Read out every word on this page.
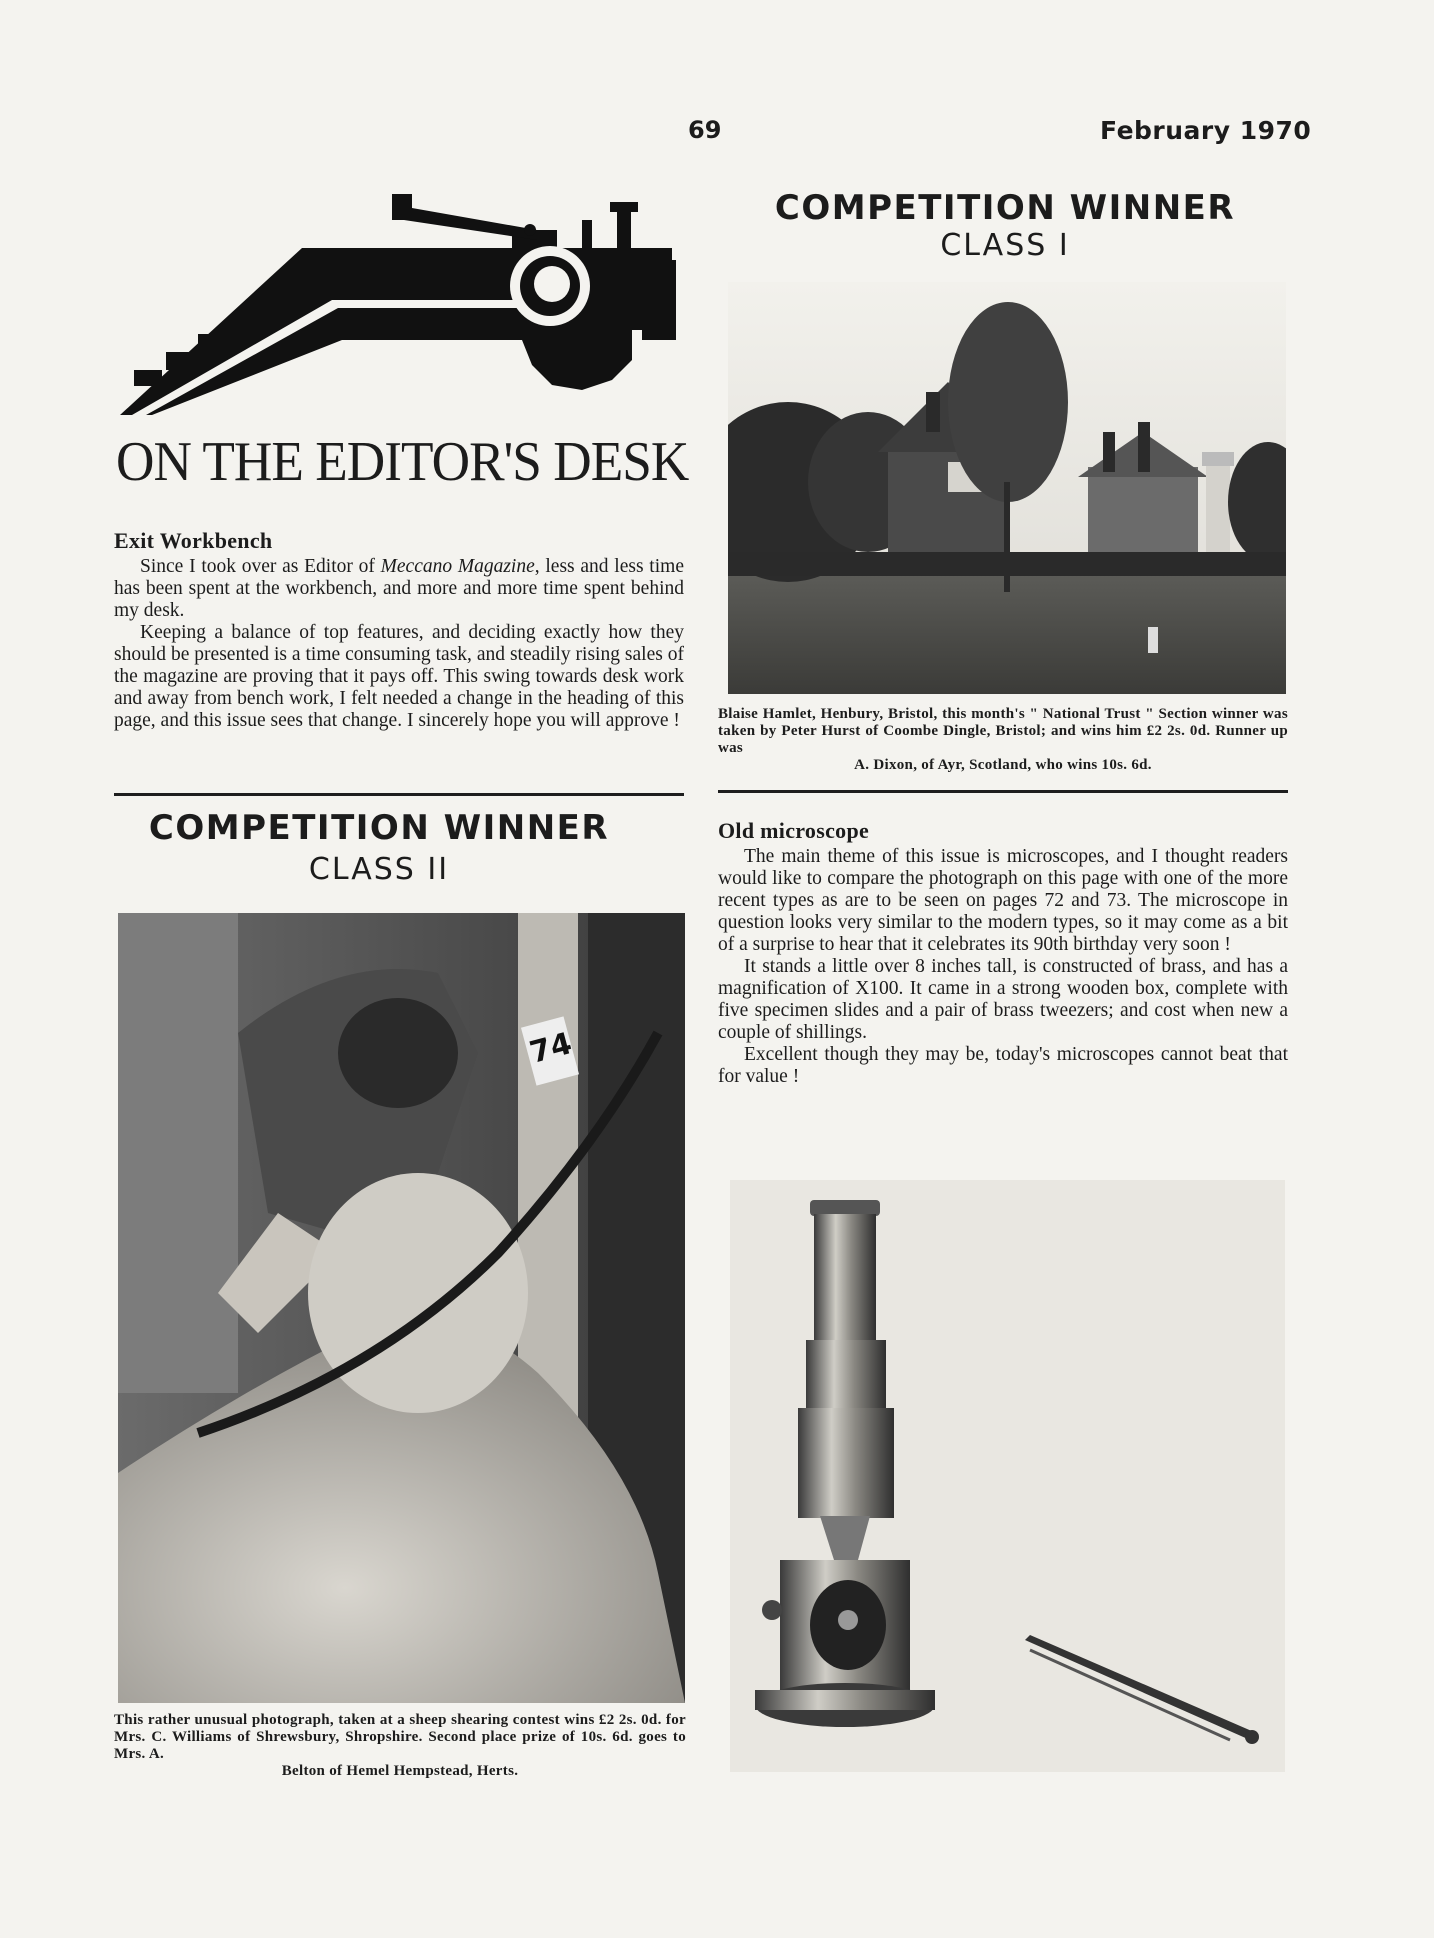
69	February 1970
ON THE EDITOR'S DESK
Exit Workbench

Since I took over as Editor of Meccano Magazine, less and less time has been spent at the workbench, and more and more time spent behind my desk.

Keeping a balance of top features, and deciding exactly how they should be presented is a time consuming task, and steadily rising sales of the magazine are proving that it pays off. This swing towards desk work and away from bench work, I felt needed a change in the heading of this page, and this issue sees that change. I sincerely hope you will approve !

COMPETITION WINNER
CLASS II
74
This rather unusual photograph, taken at a sheep shearing contest wins £2 2s. 0d. for Mrs. C. Williams of Shrewsbury, Shropshire. Second place prize of 10s. 6d. goes to Mrs. A.
Belton of Hemel Hempstead, Herts.
COMPETITION WINNER
CLASS I
Blaise Hamlet, Henbury, Bristol, this month's " National Trust " Section winner was taken by Peter Hurst of Coombe Dingle, Bristol; and wins him £2 2s. 0d. Runner up was
A. Dixon, of Ayr, Scotland, who wins 10s. 6d.
Old microscope

The main theme of this issue is microscopes, and I thought readers would like to compare the photograph on this page with one of the more recent types as are to be seen on pages 72 and 73. The microscope in question looks very similar to the modern types, so it may come as a bit of a surprise to hear that it celebrates its 90th birthday very soon !

It stands a little over 8 inches tall, is constructed of brass, and has a magnification of X100. It came in a strong wooden box, complete with five specimen slides and a pair of brass tweezers; and cost when new a couple of shillings.

Excellent though they may be, today's microscopes cannot beat that for value !
